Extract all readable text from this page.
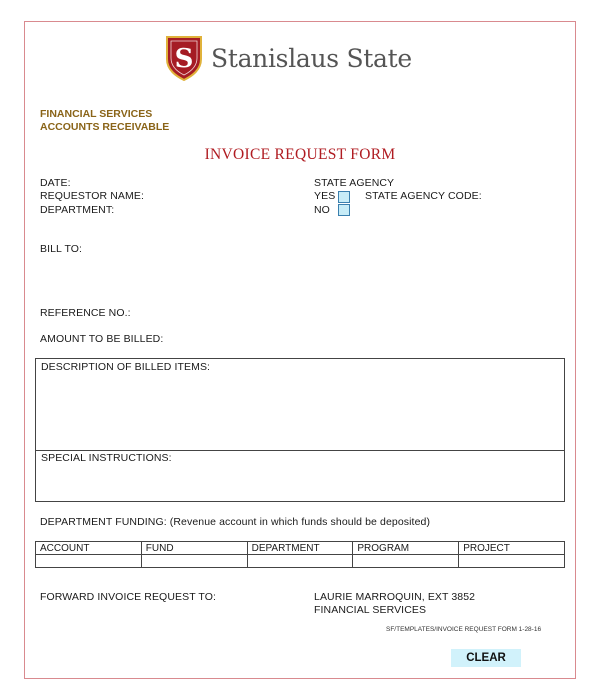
S Stanislaus State
FINANCIAL SERVICES
ACCOUNTS RECEIVABLE
INVOICE REQUEST FORM
DATE:
REQUESTOR NAME:
DEPARTMENT:
STATE AGENCY
YES	STATE AGENCY CODE:
NO
BILL TO:
REFERENCE NO.:
AMOUNT TO BE BILLED:
DESCRIPTION OF BILLED ITEMS:
SPECIAL INSTRUCTIONS:
DEPARTMENT FUNDING: (Revenue account in which funds should be deposited)
ACCOUNT	FUND	DEPARTMENT	PROGRAM	PROJECT

FORWARD INVOICE REQUEST TO:	LAURIE MARROQUIN, EXT 3852
FINANCIAL SERVICES
SF/TEMPLATES/INVOICE REQUEST FORM 1-28-16
CLEAR
